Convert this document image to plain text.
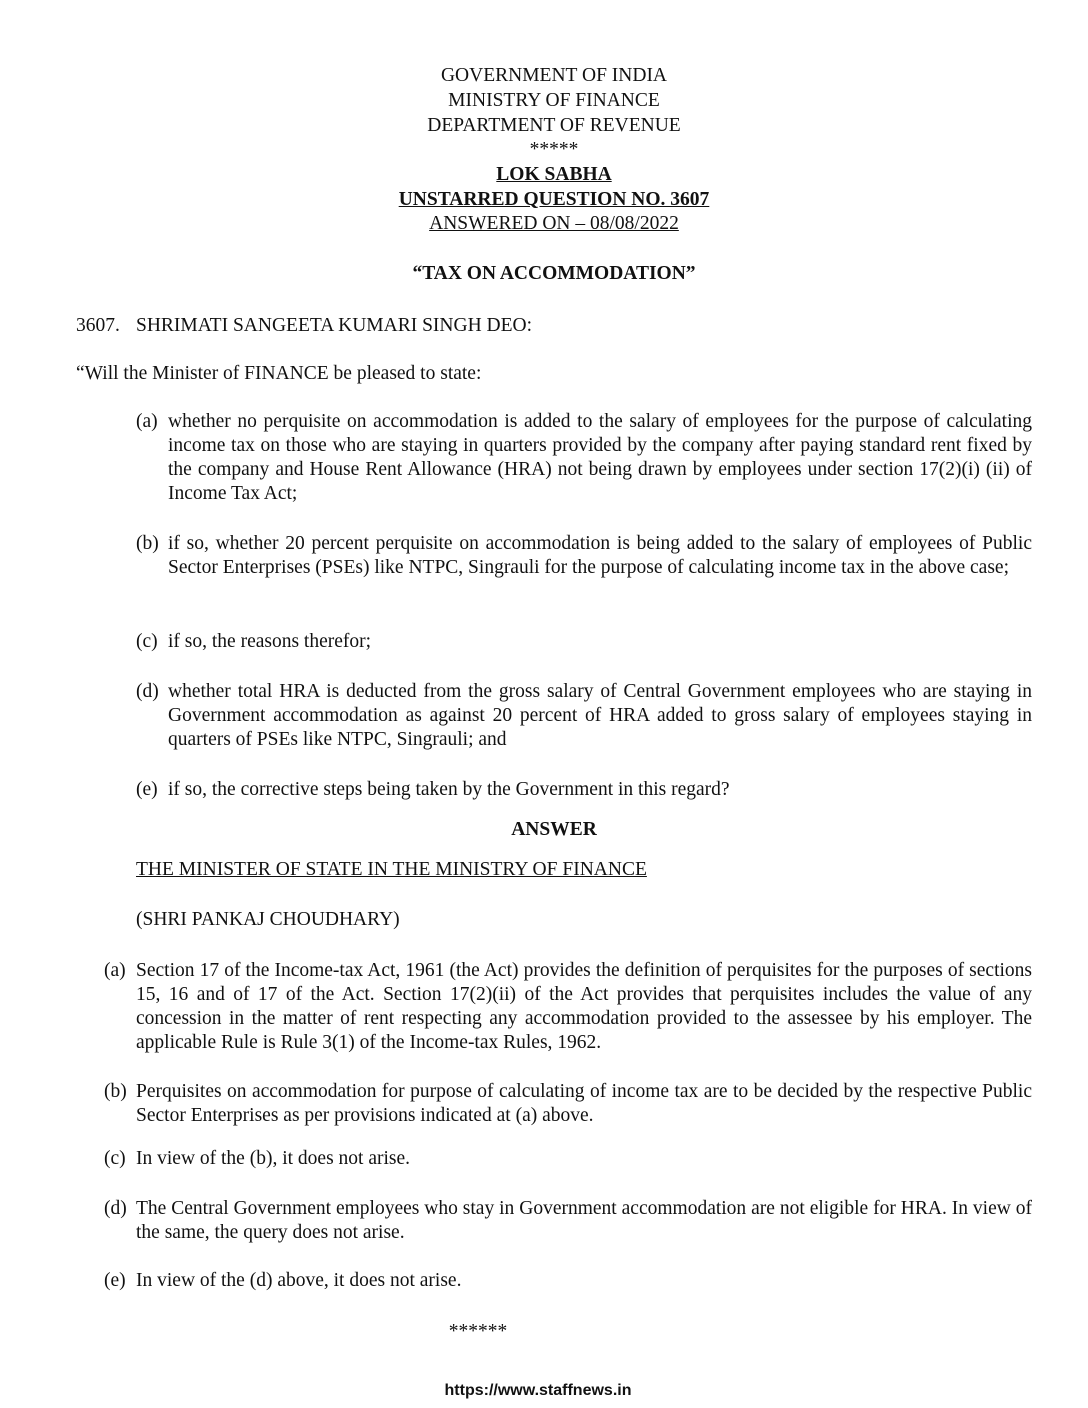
GOVERNMENT OF INDIA
MINISTRY OF FINANCE
DEPARTMENT OF REVENUE
*****
LOK SABHA
UNSTARRED QUESTION NO. 3607
ANSWERED ON – 08/08/2022
“TAX ON ACCOMMODATION”
3607. SHRIMATI SANGEETA KUMARI SINGH DEO:
“Will the Minister of FINANCE be pleased to state:
(a) whether no perquisite on accommodation is added to the salary of employees for the purpose of calculating income tax on those who are staying in quarters provided by the company after paying standard rent fixed by the company and House Rent Allowance (HRA) not being drawn by employees under section 17(2)(i) (ii) of Income Tax Act;
(b) if so, whether 20 percent perquisite on accommodation is being added to the salary of employees of Public Sector Enterprises (PSEs) like NTPC, Singrauli for the purpose of calculating income tax in the above case;
(c) if so, the reasons therefor;
(d) whether total HRA is deducted from the gross salary of Central Government employees who are staying in Government accommodation as against 20 percent of HRA added to gross salary of employees staying in quarters of PSEs like NTPC, Singrauli; and
(e) if so, the corrective steps being taken by the Government in this regard?
ANSWER
THE MINISTER OF STATE IN THE MINISTRY OF FINANCE
(SHRI PANKAJ CHOUDHARY)
(a) Section 17 of the Income-tax Act, 1961 (the Act) provides the definition of perquisites for the purposes of sections 15, 16 and of 17 of the Act. Section 17(2)(ii) of the Act provides that perquisites includes the value of any concession in the matter of rent respecting any accommodation provided to the assessee by his employer. The applicable Rule is Rule 3(1) of the Income-tax Rules, 1962.
(b) Perquisites on accommodation for purpose of calculating of income tax are to be decided by the respective Public Sector Enterprises as per provisions indicated at (a) above.
(c) In view of the (b), it does not arise.
(d) The Central Government employees who stay in Government accommodation are not eligible for HRA. In view of the same, the query does not arise.
(e) In view of the (d) above, it does not arise.
******
https://www.staffnews.in
